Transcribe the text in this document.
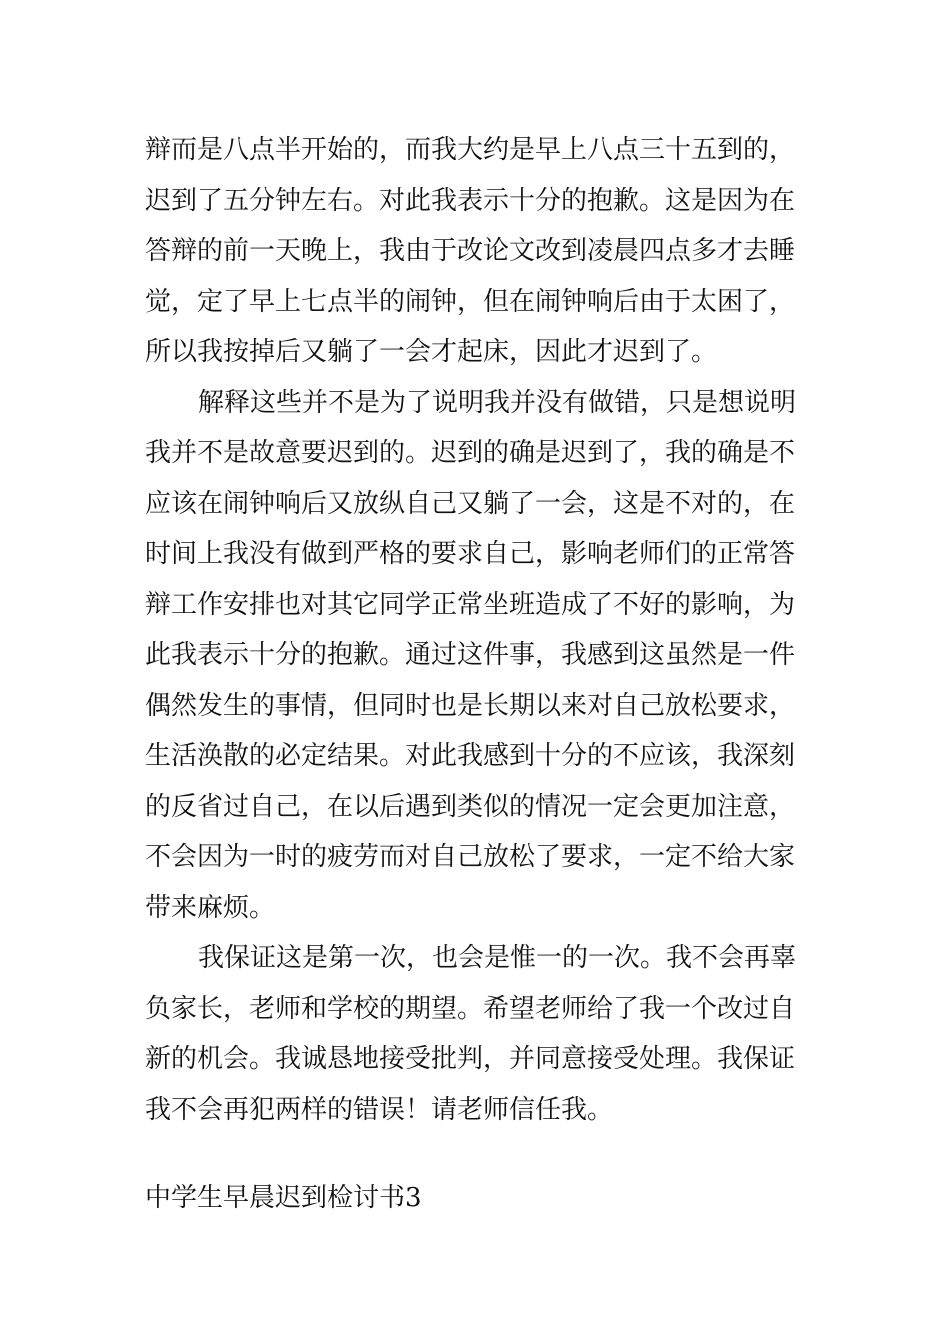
辩而是八点半开始的，而我大约是早上八点三十五到的，
迟到了五分钟左右。对此我表示十分的抱歉。这是因为在
答辩的前一天晚上，我由于改论文改到凌晨四点多才去睡
觉，定了早上七点半的闹钟，但在闹钟响后由于太困了，
所以我按掉后又躺了一会才起床，因此才迟到了。
解释这些并不是为了说明我并没有做错，只是想说明
我并不是故意要迟到的。迟到的确是迟到了，我的确是不
应该在闹钟响后又放纵自己又躺了一会，这是不对的，在
时间上我没有做到严格的要求自己，影响老师们的正常答
辩工作安排也对其它同学正常坐班造成了不好的影响，为
此我表示十分的抱歉。通过这件事，我感到这虽然是一件
偶然发生的事情，但同时也是长期以来对自己放松要求，
生活涣散的必定结果。对此我感到十分的不应该，我深刻
的反省过自己，在以后遇到类似的情况一定会更加注意，
不会因为一时的疲劳而对自己放松了要求，一定不给大家
带来麻烦。
我保证这是第一次，也会是惟一的一次。我不会再辜
负家长，老师和学校的期望。希望老师给了我一个改过自
新的机会。我诚恳地接受批判，并同意接受处理。我保证
我不会再犯两样的错误！请老师信任我。
中学生早晨迟到检讨书3
